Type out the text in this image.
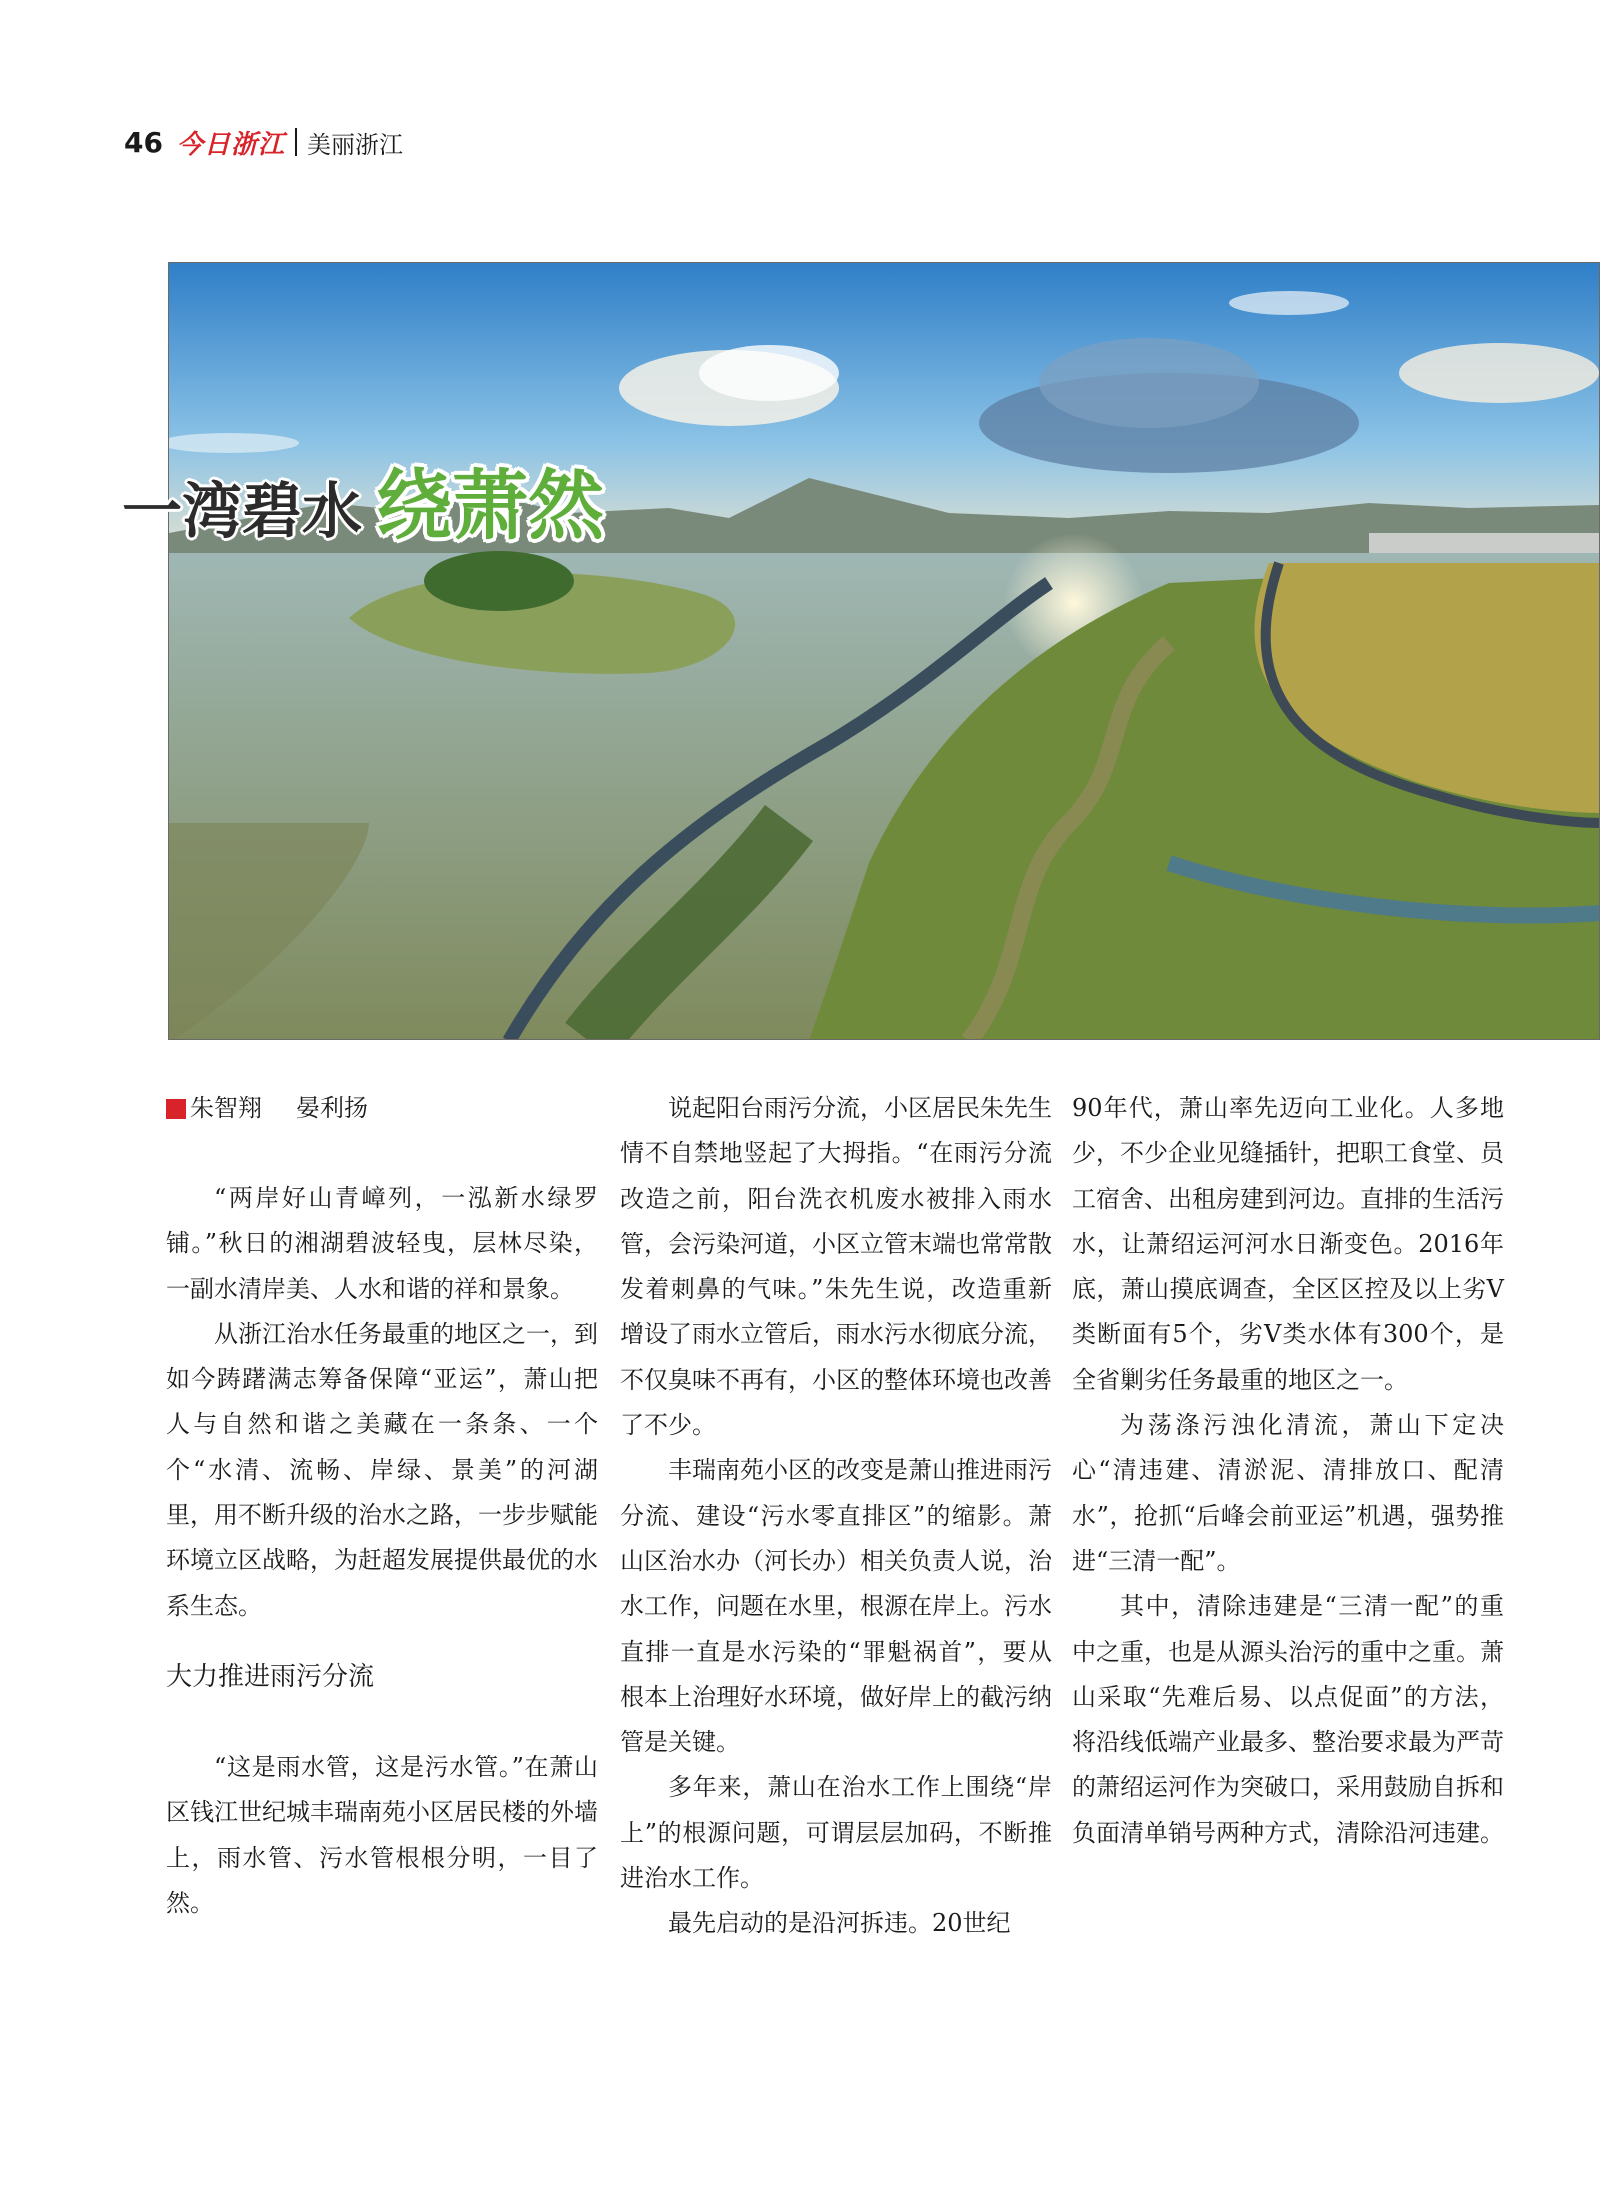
46 今日浙江 美丽浙江
一湾碧水 绕萧然
朱智翔 晏利扬

“两岸好山青嶂列，一泓新水绿罗铺。”秋日的湘湖碧波轻曳，层林尽染，一副水清岸美、人水和谐的祥和景象。

从浙江治水任务最重的地区之一，到如今踌躇满志筹备保障“亚运”，萧山把人与自然和谐之美藏在一条条、一个个“水清、流畅、岸绿、景美”的河湖里，用不断升级的治水之路，一步步赋能环境立区战略，为赶超发展提供最优的水系生态。

大力推进雨污分流

“这是雨水管，这是污水管。”在萧山区钱江世纪城丰瑞南苑小区居民楼的外墙上，雨水管、污水管根根分明，一目了然。

说起阳台雨污分流，小区居民朱先生情不自禁地竖起了大拇指。“在雨污分流改造之前，阳台洗衣机废水被排入雨水管，会污染河道，小区立管末端也常常散发着刺鼻的气味。”朱先生说，改造重新增设了雨水立管后，雨水污水彻底分流，不仅臭味不再有，小区的整体环境也改善了不少。

丰瑞南苑小区的改变是萧山推进雨污分流、建设“污水零直排区”的缩影。萧山区治水办（河长办）相关负责人说，治水工作，问题在水里，根源在岸上。污水直排一直是水污染的“罪魁祸首”，要从根本上治理好水环境，做好岸上的截污纳管是关键。

多年来，萧山在治水工作上围绕“岸上”的根源问题，可谓层层加码，不断推进治水工作。

最先启动的是沿河拆违。20世纪

90年代，萧山率先迈向工业化。人多地少，不少企业见缝插针，把职工食堂、员工宿舍、出租房建到河边。直排的生活污水，让萧绍运河河水日渐变色。2016年底，萧山摸底调查，全区区控及以上劣Ⅴ类断面有5个，劣Ⅴ类水体有300个，是全省剿劣任务最重的地区之一。

为荡涤污浊化清流，萧山下定决心“清违建、清淤泥、清排放口、配清水”，抢抓“后峰会前亚运”机遇，强势推进“三清一配”。

其中，清除违建是“三清一配”的重中之重，也是从源头治污的重中之重。萧山采取“先难后易、以点促面”的方法，将沿线低端产业最多、整治要求最为严苛的萧绍运河作为突破口，采用鼓励自拆和负面清单销号两种方式，清除沿河违建。
